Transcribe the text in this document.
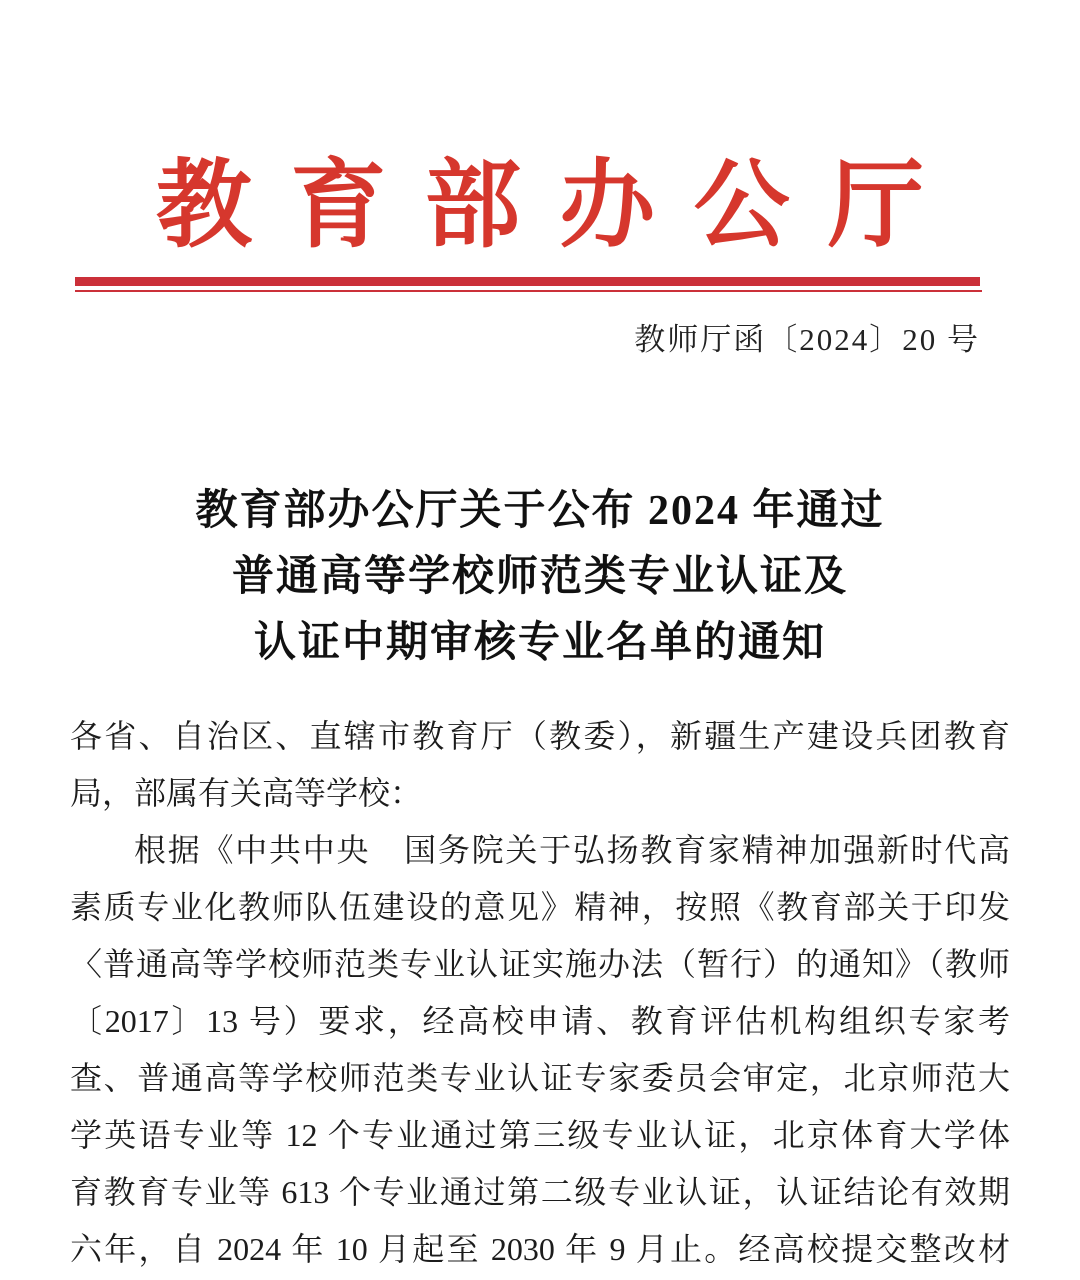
教育部办公厅
教师厅函〔2024〕20 号
教育部办公厅关于公布 2024 年通过
普通高等学校师范类专业认证及
认证中期审核专业名单的通知
各省、自治区、直辖市教育厅（教委），新疆生产建设兵团教育
局，部属有关高等学校：
根据《中共中央　国务院关于弘扬教育家精神加强新时代高
素质专业化教师队伍建设的意见》精神，按照《教育部关于印发
〈普通高等学校师范类专业认证实施办法（暂行）的通知》（教师
〔2017〕13 号）要求，经高校申请、教育评估机构组织专家考
查、普通高等学校师范类专业认证专家委员会审定，北京师范大
学英语专业等 12 个专业通过第三级专业认证，北京体育大学体
育教育专业等 613 个专业通过第二级专业认证，认证结论有效期
六年，自 2024 年 10 月起至 2030 年 9 月止。经高校提交整改材
